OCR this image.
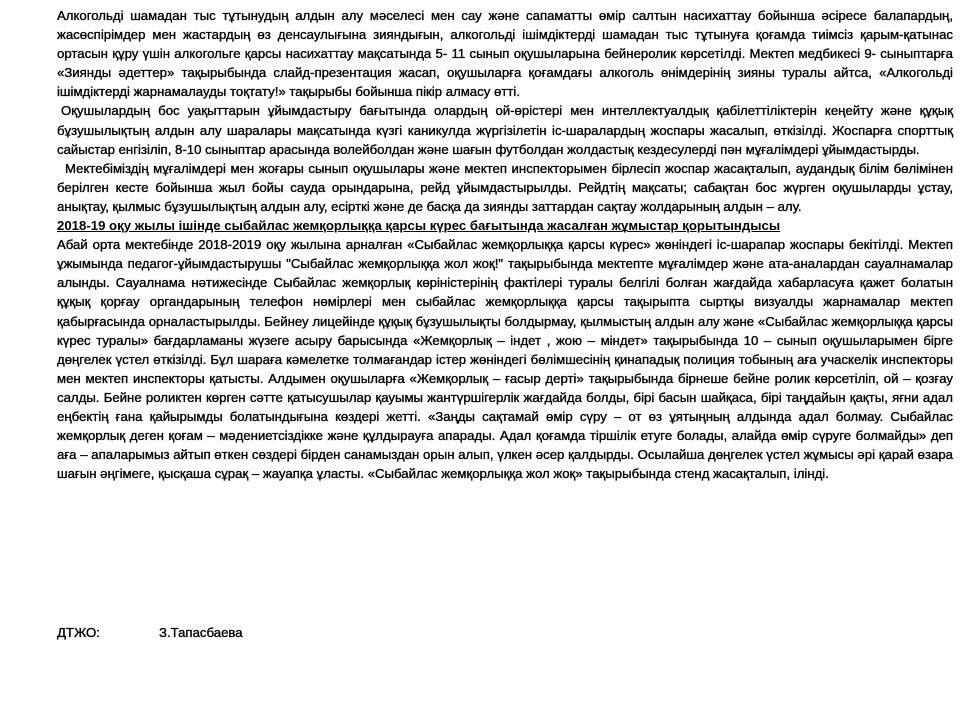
Алкогольді шамадан тыс тұтынудың алдын алу мәселесі мен сау және сапаматты өмір салтын насихаттау бойынша әсіресе балапардың, жасөспірімдер мен жастардың өз денсаулығына зияндығын, алкогольді ішімдіктерді шамадан тыс тұтынуға қоғамда тиімсіз қарым-қатынас ортасын құру үшін алкогольге қарсы насихаттау мақсатында 5- 11 сынып оқушыларына бейнеролик көрсетілді. Мектеп медбикесі 9- сыныптарға «Зиянды әдеттер» тақырыбында слайд-презентация жасап, оқушыларға қоғамдағы алкоголь өнімдерінің зияны туралы айтса, «Алкогольді ішімдіктерді жарнамалауды тоқтату!» тақырыбы бойынша пікір алмасу өтті.

Оқушылардың бос уақыттарын ұйымдастыру бағытында олардың ой-өрістері мен интеллектуалдық қабілеттіліктерін кеңейту және құқық бұзушылықтың алдын алу шаралары мақсатында күзгі каникулда жүргізілетін іс-шаралардың жоспары жасалып, өткізілді. Жоспарға спорттық сайыстар енгізіліп, 8-10 сыныптар арасында волейболдан және шағын футболдан жолдастық кездесулерді пән мұғалімдері ұйымдастырды.

Мектебіміздің мұғалімдері мен жоғары сынып оқушылары және мектеп инспекторымен бірлесіп жоспар жасақталып, аудандық білім бөлімінен берілген кесте бойынша жыл бойы сауда орындарына, рейд ұйымдастырылды. Рейдтің мақсаты; сабақтан бос жүрген оқушыларды ұстау, анықтау, қылмыс бұзушылықтың алдын алу, есірткі және де басқа да зиянды заттардан сақтау жолдарының алдын – алу.

2018-19 оқу жылы ішінде сыбайлас жемқорлыққа қарсы күрес бағытында жасалған жұмыстар қорытындысы

Абай орта мектебінде 2018-2019 оқу жылына арналған «Сыбайлас жемқорлыққа қарсы күрес» жөніндегі іс-шарапар жоспары бекітілді. Мектеп ұжымында педагог-ұйымдастырушы "Сыбайлас жемқорлыққа жол жоқ!" тақырыбында мектепте мұғалімдер және ата-аналардан сауалнамалар алынды. Сауалнама нәтижесінде Сыбайлас жемқорлық көріністерінің фактілері туралы белгілі болған жағдайда хабарласуға қажет болатын құқық қорғау органдарының телефон нөмірлері мен сыбайлас жемқорлыққа қарсы тақырыпта сыртқы визуалды жарнамалар мектеп қабырғасында орналастырылды. Бейнеу лицейінде құқық бұзушылықты болдырмау, қылмыстың алдын алу және «Сыбайлас жемқорлыққа қарсы күрес туралы» бағдарламаны жүзеге асыру барысында «Жемқорлық – індет , жою – міндет» тақырыбында 10 – сынып оқушыларымен бірге дөңгелек үстел өткізілді. Бұл шараға кәмелетке толмағандар істер жөніндегі бөлімшесінің қинападық полиция тобының аға учаскелік инспекторы мен мектеп инспекторы қатысты. Алдымен оқушыларға «Жемқорлық – ғасыр дерті» тақырыбында бірнеше бейне ролик көрсетіліп, ой – қозғау салды. Бейне роликтен көрген сәтте қатысушылар қауымы жантүршігерлік жағдайда болды, бірі басын шайқаса, бірі таңдайын қақты, яғни адал еңбектің ғана қайырымды болатындығына көздері жетті. «Заңды сақтамай өмір сүру – от өз ұятыңның алдында адал болмау. Сыбайлас жемқорлық деген қоғам – мәдениетсіздікке және құлдырауға апарады. Адал қоғамда тіршілік етуге болады, алайда өмір сүруге болмайды» деп аға – апаларымыз айтып өткен сөздері бірден санамыздан орын алып, үлкен әсер қалдырды. Осылайша дөңгелек үстел жұмысы әрі қарай өзара шағын әңгімеге, қысқаша сұрақ – жауапқа ұласты. «Сыбайлас жемқорлыққа жол жоқ» тақырыбында стенд жасақталып, ілінді.

ДТЖО:	З.Тапасбаева
